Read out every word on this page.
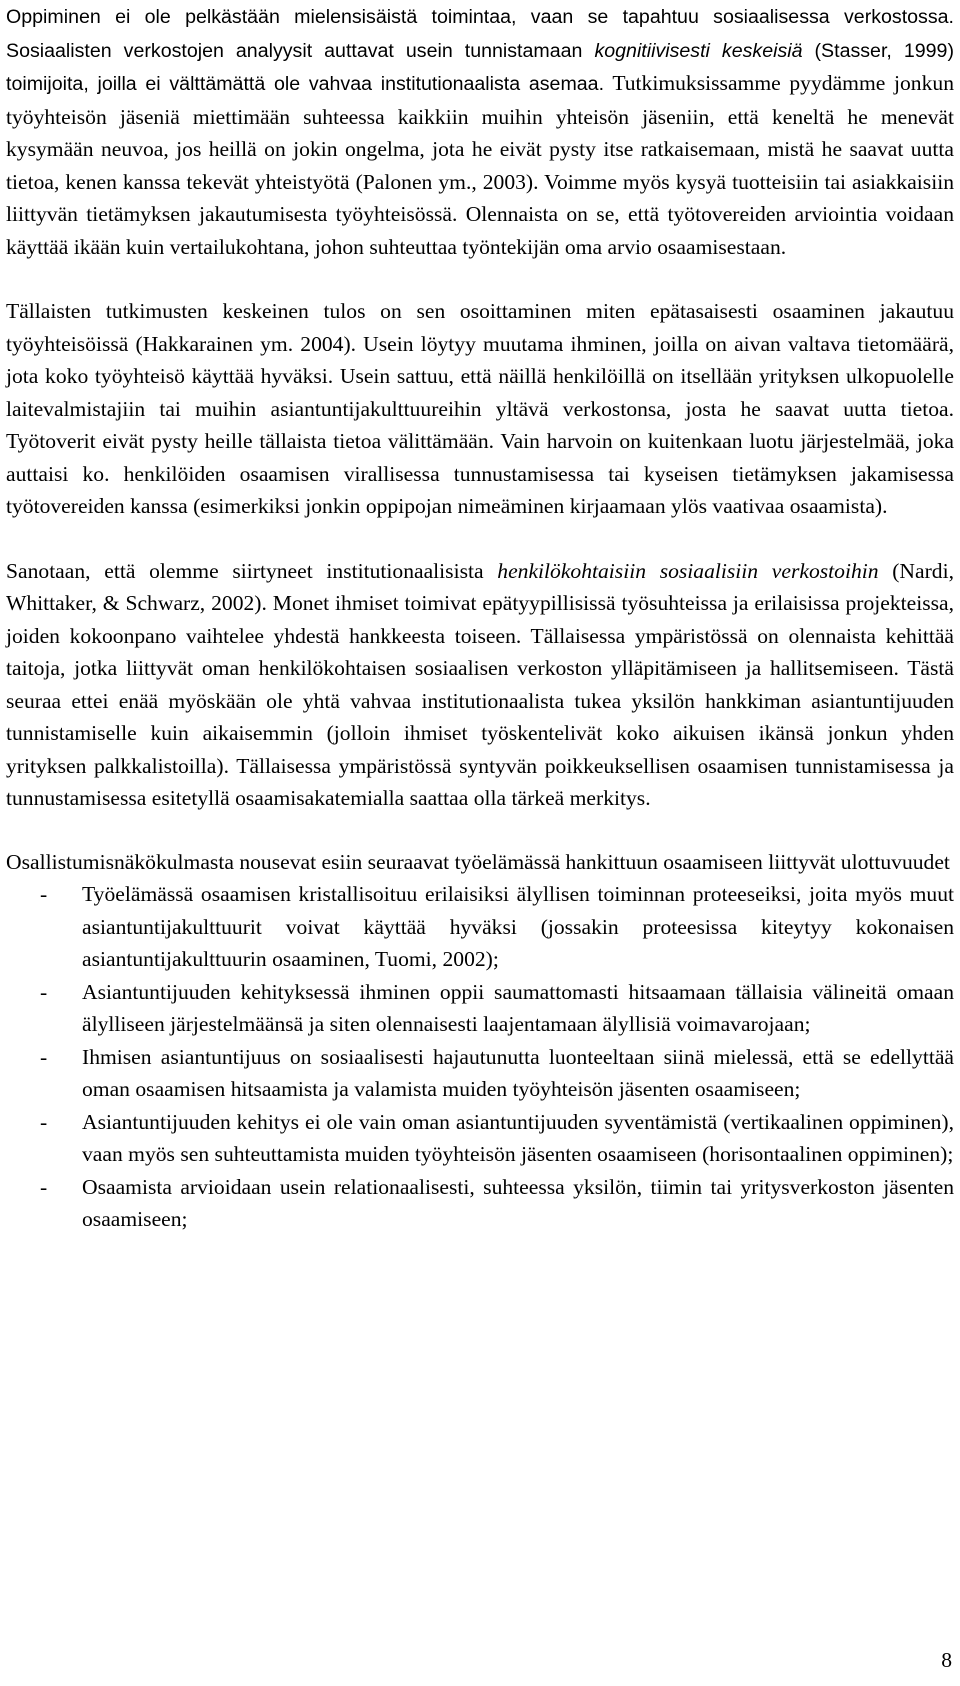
Oppiminen ei ole pelkästään mielensisäistä toimintaa, vaan se tapahtuu sosiaalisessa verkostossa. Sosiaalisten verkostojen analyysit auttavat usein tunnistamaan kognitiivisesti keskeisiä (Stasser, 1999) toimijoita, joilla ei välttämättä ole vahvaa institutionaalista asemaa. Tutkimuksissamme pyydämme jonkun työyhteisön jäseniä miettimään suhteessa kaikkiin muihin yhteisön jäseniin, että keneltä he menevät kysymään neuvoa, jos heillä on jokin ongelma, jota he eivät pysty itse ratkaisemaan, mistä he saavat uutta tietoa, kenen kanssa tekevät yhteistyötä (Palonen ym., 2003). Voimme myös kysyä tuotteisiin tai asiakkaisiin liittyvän tietämyksen jakautumisesta työyhteisössä. Olennaista on se, että työtovereiden arviointia voidaan käyttää ikään kuin vertailukohtana, johon suhteuttaa työntekijän oma arvio osaamisestaan.

Tällaisten tutkimusten keskeinen tulos on sen osoittaminen miten epätasaisesti osaaminen jakautuu työyhteisöissä (Hakkarainen ym. 2004). Usein löytyy muutama ihminen, joilla on aivan valtava tietomäärä, jota koko työyhteisö käyttää hyväksi. Usein sattuu, että näillä henkilöillä on itsellään yrityksen ulkopuolelle laitevalmistajiin tai muihin asiantuntijakulttuureihin yltävä verkostonsa, josta he saavat uutta tietoa. Työtoverit eivät pysty heille tällaista tietoa välittämään. Vain harvoin on kuitenkaan luotu järjestelmää, joka auttaisi ko. henkilöiden osaamisen virallisessa tunnustamisessa tai kyseisen tietämyksen jakamisessa työtovereiden kanssa (esimerkiksi jonkin oppipojan nimeäminen kirjaamaan ylös vaativaa osaamista).

Sanotaan, että olemme siirtyneet institutionaalisista henkilökohtaisiin sosiaalisiin verkostoihin (Nardi, Whittaker, & Schwarz, 2002). Monet ihmiset toimivat epätyypillisissä työsuhteissa ja erilaisissa projekteissa, joiden kokoonpano vaihtelee yhdestä hankkeesta toiseen. Tällaisessa ympäristössä on olennaista kehittää taitoja, jotka liittyvät oman henkilökohtaisen sosiaalisen verkoston ylläpitämiseen ja hallitsemiseen. Tästä seuraa ettei enää myöskään ole yhtä vahvaa institutionaalista tukea yksilön hankkiman asiantuntijuuden tunnistamiselle kuin aikaisemmin (jolloin ihmiset työskentelivät koko aikuisen ikänsä jonkun yhden yrityksen palkkalistoilla). Tällaisessa ympäristössä syntyvän poikkeuksellisen osaamisen tunnistamisessa ja tunnustamisessa esitetyllä osaamisakatemialla saattaa olla tärkeä merkitys.

Osallistumisnäkökulmasta nousevat esiin seuraavat työelämässä hankittuun osaamiseen liittyvät ulottuvuudet

- Työelämässä osaamisen kristallisoituu erilaisiksi älyllisen toiminnan proteeseiksi, joita myös muut asiantuntijakulttuurit voivat käyttää hyväksi (jossakin proteesissa kiteytyy kokonaisen asiantuntijakulttuurin osaaminen, Tuomi, 2002);
- Asiantuntijuuden kehityksessä ihminen oppii saumattomasti hitsaamaan tällaisia välineitä omaan älylliseen järjestelmäänsä ja siten olennaisesti laajentamaan älyllisiä voimavarojaan;
- Ihmisen asiantuntijuus on sosiaalisesti hajautunutta luonteeltaan siinä mielessä, että se edellyttää oman osaamisen hitsaamista ja valamista muiden työyhteisön jäsenten osaamiseen;
- Asiantuntijuuden kehitys ei ole vain oman asiantuntijuuden syventämistä (vertikaalinen oppiminen), vaan myös sen suhteuttamista muiden työyhteisön jäsenten osaamiseen (horisontaalinen oppiminen);
- Osaamista arvioidaan usein relationaalisesti, suhteessa yksilön, tiimin tai yritysverkoston jäsenten osaamiseen;
8
